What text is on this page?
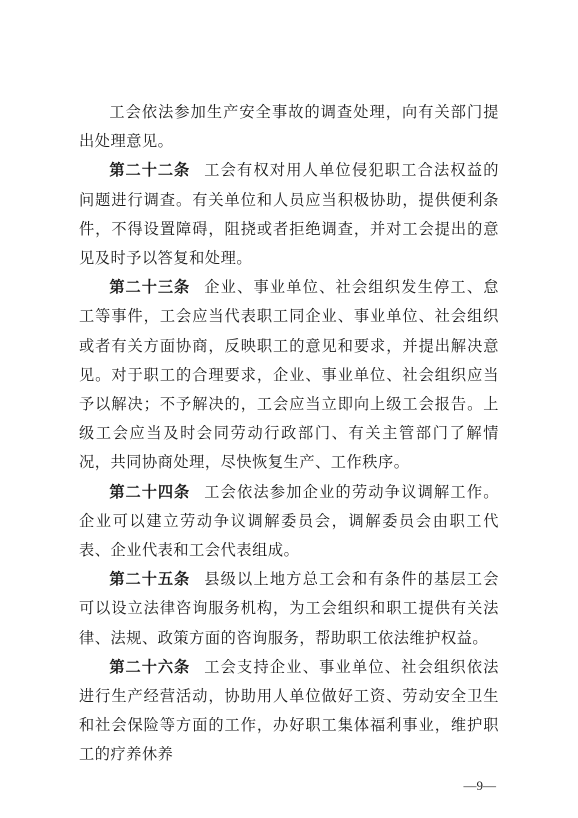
工会依法参加生产安全事故的调查处理，向有关部门提出处理意见。

第二十二条 工会有权对用人单位侵犯职工合法权益的问题进行调查。有关单位和人员应当积极协助，提供便利条件，不得设置障碍，阻挠或者拒绝调查，并对工会提出的意见及时予以答复和处理。

第二十三条 企业、事业单位、社会组织发生停工、怠工等事件，工会应当代表职工同企业、事业单位、社会组织或者有关方面协商，反映职工的意见和要求，并提出解决意见。对于职工的合理要求，企业、事业单位、社会组织应当予以解决；不予解决的，工会应当立即向上级工会报告。上级工会应当及时会同劳动行政部门、有关主管部门了解情况，共同协商处理，尽快恢复生产、工作秩序。

第二十四条 工会依法参加企业的劳动争议调解工作。企业可以建立劳动争议调解委员会，调解委员会由职工代表、企业代表和工会代表组成。

第二十五条 县级以上地方总工会和有条件的基层工会可以设立法律咨询服务机构，为工会组织和职工提供有关法律、法规、政策方面的咨询服务，帮助职工依法维护权益。

第二十六条 工会支持企业、事业单位、社会组织依法进行生产经营活动，协助用人单位做好工资、劳动安全卫生和社会保险等方面的工作，办好职工集体福利事业，维护职工的疗养休养

—9—
